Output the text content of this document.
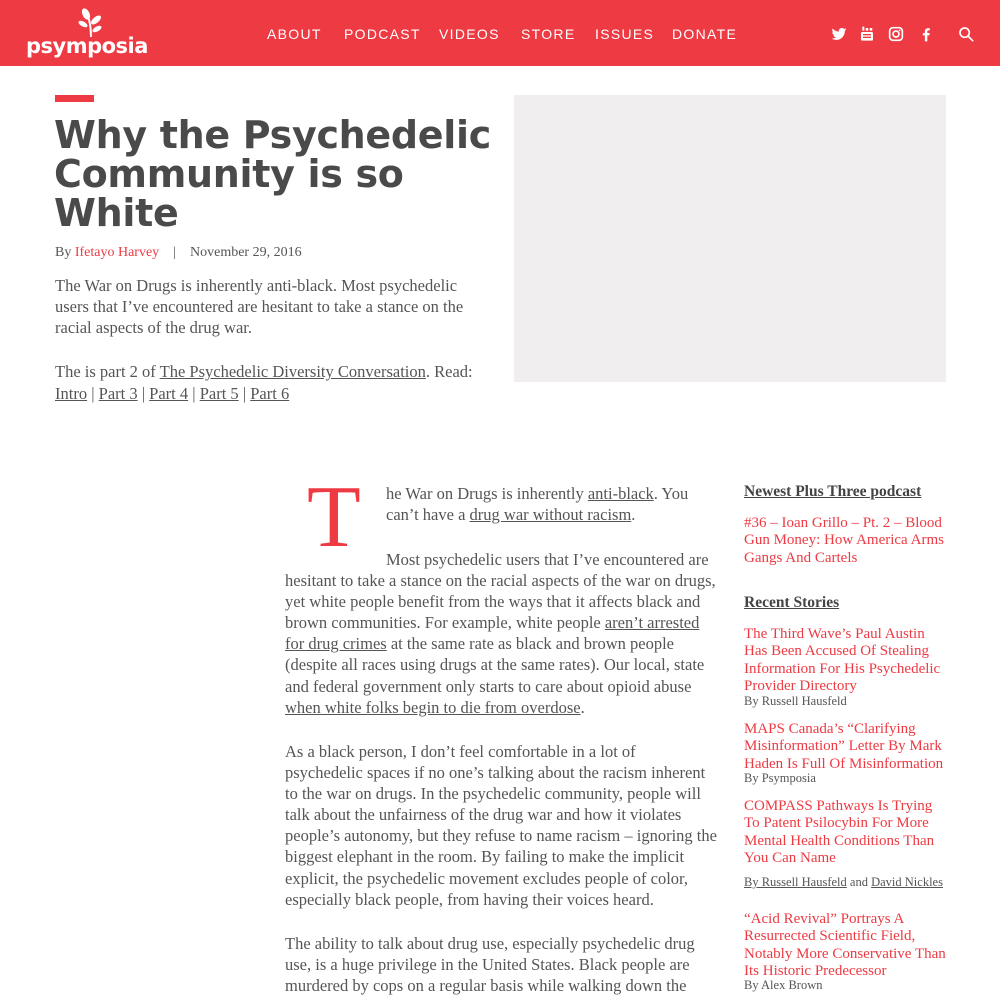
psymposia	ABOUT PODCAST VIDEOS STORE ISSUES DONATE
Why the Psychedelic Community is so White
By Ifetayo Harvey | November 29, 2016

The War on Drugs is inherently anti-black. Most psychedelic users that I’ve encountered are hesitant to take a stance on the racial aspects of the drug war.

The is part 2 of The Psychedelic Diversity Conversation. Read:
Intro | Part 3 | Part 4 | Part 5 | Part 6

T he War on Drugs is inherently anti-black. You can’t have a drug war without racism.

Most psychedelic users that I’ve encountered are hesitant to take a stance on the racial aspects of the war on drugs, yet white people benefit from the ways that it affects black and brown communities. For example, white people aren’t arrested for drug crimes at the same rate as black and brown people (despite all races using drugs at the same rates). Our local, state and federal government only starts to care about opioid abuse when white folks begin to die from overdose.

As a black person, I don’t feel comfortable in a lot of psychedelic spaces if no one’s talking about the racism inherent to the war on drugs. In the psychedelic community, people will talk about the unfairness of the drug war and how it violates people’s autonomy, but they refuse to name racism – ignoring the biggest elephant in the room. By failing to make the implicit explicit, the psychedelic movement excludes people of color, especially black people, from having their voices heard.

The ability to talk about drug use, especially psychedelic drug use, is a huge privilege in the United States. Black people are murdered by cops on a regular basis while walking down the

Newest Plus Three podcast
#36 – Ioan Grillo – Pt. 2 – Blood Gun Money: How America Arms Gangs And Cartels
Recent Stories
The Third Wave’s Paul Austin Has Been Accused Of Stealing Information For His Psychedelic Provider Directory
By Russell Hausfeld
MAPS Canada’s “Clarifying Misinformation” Letter By Mark Haden Is Full Of Misinformation
By Psymposia
COMPASS Pathways Is Trying To Patent Psilocybin For More Mental Health Conditions Than You Can Name
By Russell Hausfeld and David Nickles
“Acid Revival” Portrays A Resurrected Scientific Field, Notably More Conservative Than Its Historic Predecessor
By Alex Brown
